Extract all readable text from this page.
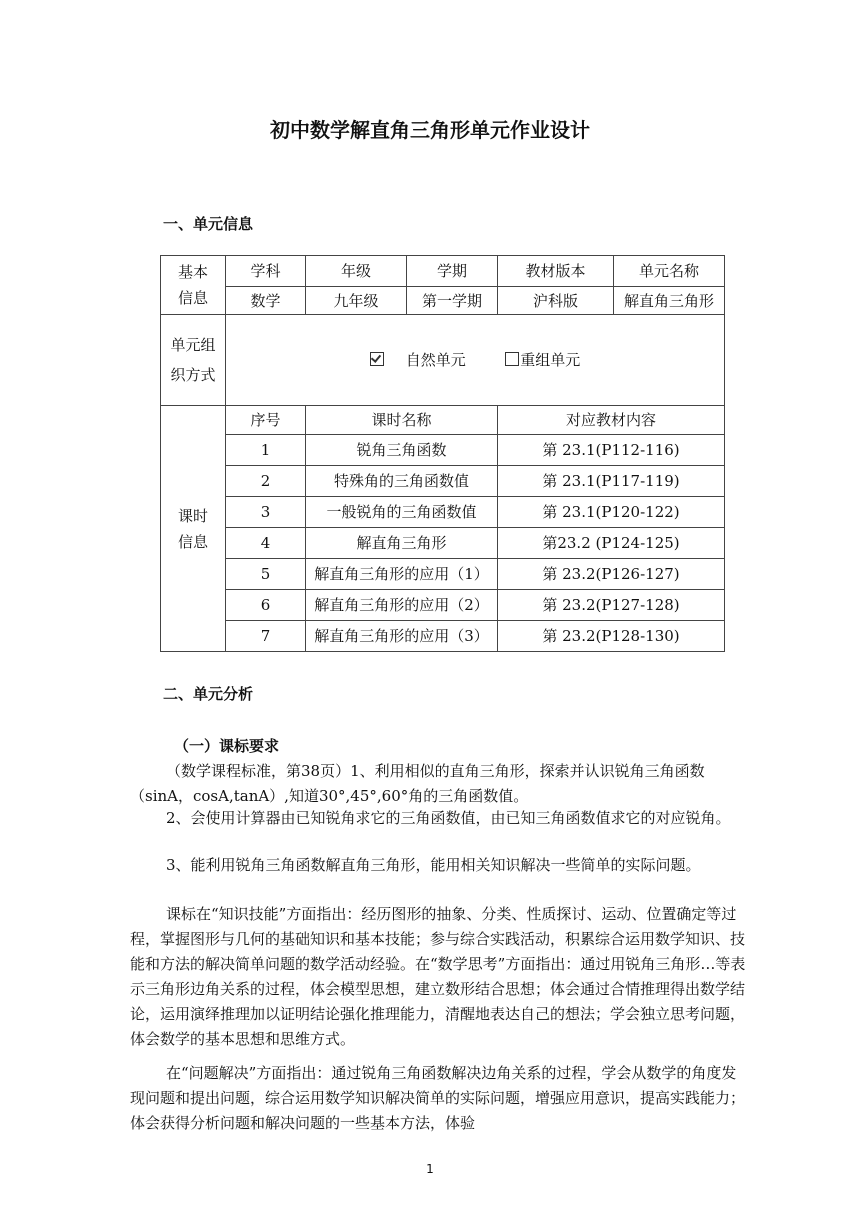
初中数学解直角三角形单元作业设计
一、单元信息
基本信息	学科	年级	学期	教材版本	单元名称
	数学	九年级	第一学期	沪科版	解直角三角形

单元组织方式	自然单元 重组单元				

课时信息	序号	课时名称		对应教材内容	
	1	锐角三角函数		第 23.1(P112-116)	
	2	特殊角的三角函数值		第 23.1(P117-119)	
	3	一般锐角的三角函数值		第 23.1(P120-122)	
	4	解直角三角形		第23.2 (P124-125)	
	5	解直角三角形的应用（1）		第 23.2(P126-127)	
	6	解直角三角形的应用（2）		第 23.2(P127-128)	
	7	解直角三角形的应用（3）		第 23.2(P128-130)	
二、单元分析
（一）课标要求

（数学课程标准，第38页）1、利用相似的直角三角形，探索并认识锐角三角函数（sinA，cosA,tanA）,知道30°,45°,60°角的三角函数值。

2、会使用计算器由已知锐角求它的三角函数值，由已知三角函数值求它的对应锐角。

3、能利用锐角三角函数解直角三角形，能用相关知识解决一些简单的实际问题。

课标在“知识技能”方面指出：经历图形的抽象、分类、性质探讨、运动、位置确定等过程，掌握图形与几何的基础知识和基本技能；参与综合实践活动，积累综合运用数学知识、技能和方法的解决简单问题的数学活动经验。在“数学思考”方面指出：通过用锐角三角形…等表示三角形边角关系的过程，体会模型思想，建立数形结合思想；体会通过合情推理得出数学结论，运用演绎推理加以证明结论强化推理能力，清醒地表达自己的想法；学会独立思考问题，体会数学的基本思想和思维方式。

在“问题解决”方面指出：通过锐角三角函数解决边角关系的过程，学会从数学的角度发现问题和提出问题，综合运用数学知识解决简单的实际问题，增强应用意识，提高实践能力；体会获得分析问题和解决问题的一些基本方法，体验

1
